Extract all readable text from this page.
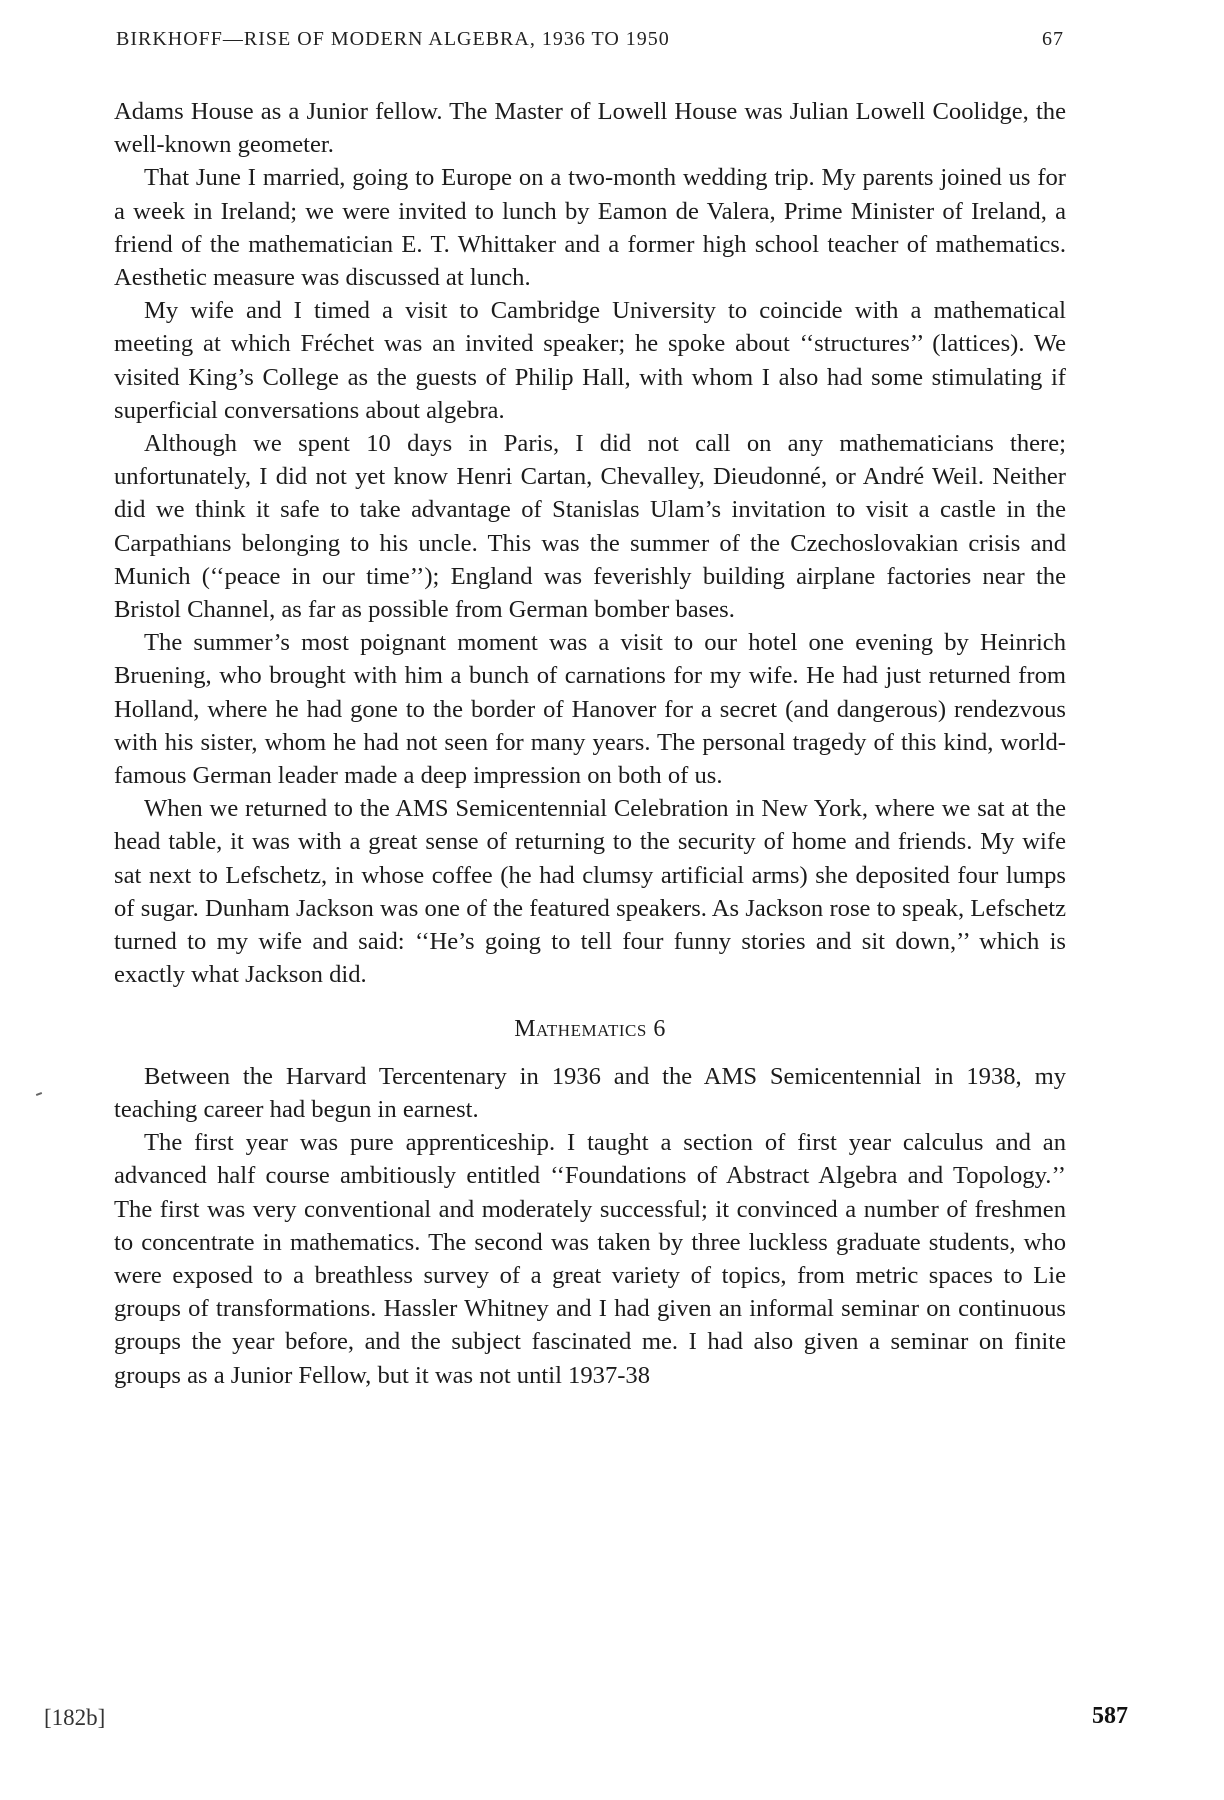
BIRKHOFF—RISE OF MODERN ALGEBRA, 1936 TO 1950	67

Adams House as a Junior fellow. The Master of Lowell House was Julian Lowell Coolidge, the well-known geometer.

That June I married, going to Europe on a two-month wedding trip. My parents joined us for a week in Ireland; we were invited to lunch by Eamon de Valera, Prime Minister of Ireland, a friend of the mathematician E. T. Whittaker and a former high school teacher of mathematics. Aesthetic measure was discussed at lunch.

My wife and I timed a visit to Cambridge University to coincide with a mathematical meeting at which Fréchet was an invited speaker; he spoke about ‘‘structures’’ (lattices). We visited King’s College as the guests of Philip Hall, with whom I also had some stimulating if superficial conversations about algebra.

Although we spent 10 days in Paris, I did not call on any mathematicians there; unfortunately, I did not yet know Henri Cartan, Chevalley, Dieudonné, or André Weil. Neither did we think it safe to take advantage of Stanislas Ulam’s invitation to visit a castle in the Carpathians belonging to his uncle. This was the summer of the Czechoslovakian crisis and Munich (‘‘peace in our time’’); England was feverishly building airplane factories near the Bristol Channel, as far as possible from German bomber bases.

The summer’s most poignant moment was a visit to our hotel one evening by Heinrich Bruening, who brought with him a bunch of carnations for my wife. He had just returned from Holland, where he had gone to the border of Hanover for a secret (and dangerous) rendezvous with his sister, whom he had not seen for many years. The personal tragedy of this kind, world-famous German leader made a deep impression on both of us.

When we returned to the AMS Semicentennial Celebration in New York, where we sat at the head table, it was with a great sense of returning to the security of home and friends. My wife sat next to Lefschetz, in whose coffee (he had clumsy artificial arms) she deposited four lumps of sugar. Dunham Jackson was one of the featured speakers. As Jackson rose to speak, Lefschetz turned to my wife and said: ‘‘He’s going to tell four funny stories and sit down,’’ which is exactly what Jackson did.

Mathematics 6

Between the Harvard Tercentenary in 1936 and the AMS Semicentennial in 1938, my teaching career had begun in earnest.

The first year was pure apprenticeship. I taught a section of first year calculus and an advanced half course ambitiously entitled ‘‘Foundations of Abstract Algebra and Topology.’’ The first was very conventional and moderately successful; it convinced a number of freshmen to concentrate in mathematics. The second was taken by three luckless graduate students, who were exposed to a breathless survey of a great variety of topics, from metric spaces to Lie groups of transformations. Hassler Whitney and I had given an informal seminar on continuous groups the year before, and the subject fascinated me. I had also given a seminar on finite groups as a Junior Fellow, but it was not until 1937-38

[182b]	587
